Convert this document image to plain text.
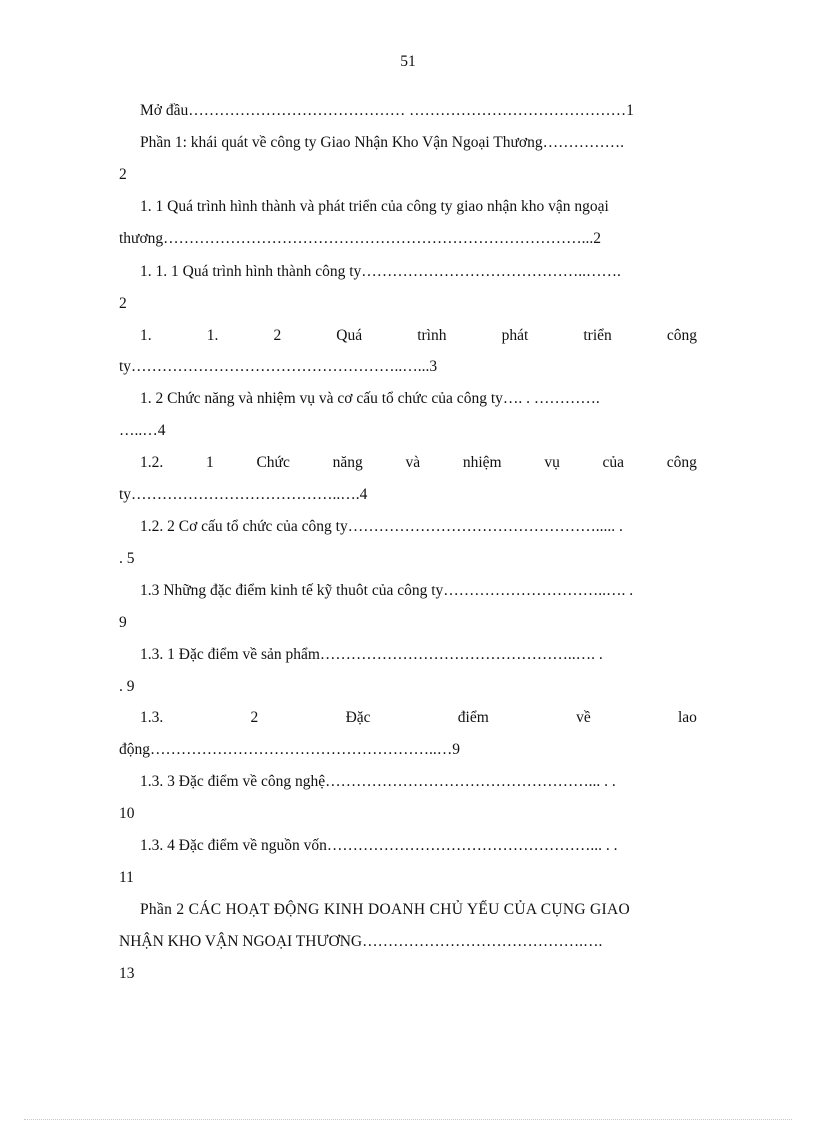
51
Mở đầu…………………………………… ……………………………………1
Phần 1: khái quát về công ty Giao Nhận Kho Vận Ngoại Thương…………….
2
1. 1 Quá trình hình thành và phát triển của công ty giao nhận kho vận ngoại
thương………………………………………………………………………...2
1. 1. 1 Quá trình hình thành công ty……………………………………..…….
2
1.	1.	2	Quá	trình	phát	triển	công
ty……………………………………………..…...3
1. 2 Chức năng và nhiệm vụ và cơ cấu tổ chức của công ty…. . ………….
…..…4
1.2.	1	Chức	năng	và	nhiệm	vụ	của	công
ty…………………………………..….4
1.2. 2 Cơ cấu tổ chức của công ty…………………………………………..... .
. 5
1.3 Những đặc điểm kinh tế kỹ thuôt của công ty…………………………..…. .
9
1.3. 1 Đặc điểm về sản phẩm…………………………………………..…. .
. 9
1.3.	2	Đặc	điểm	về	lao
động………………………………………………..…9
1.3. 3 Đặc điểm về công nghệ……………………………………………... . .
10
1.3. 4 Đặc điểm về nguồn vốn……………………………………………... . .
11
Phần 2 CÁC HOẠT ĐỘNG KINH DOANH CHỦ YẾU CỦA CỤNG GIAO
NHẬN KHO VẬN NGOẠI THƯƠNG…………………………………….….
13
